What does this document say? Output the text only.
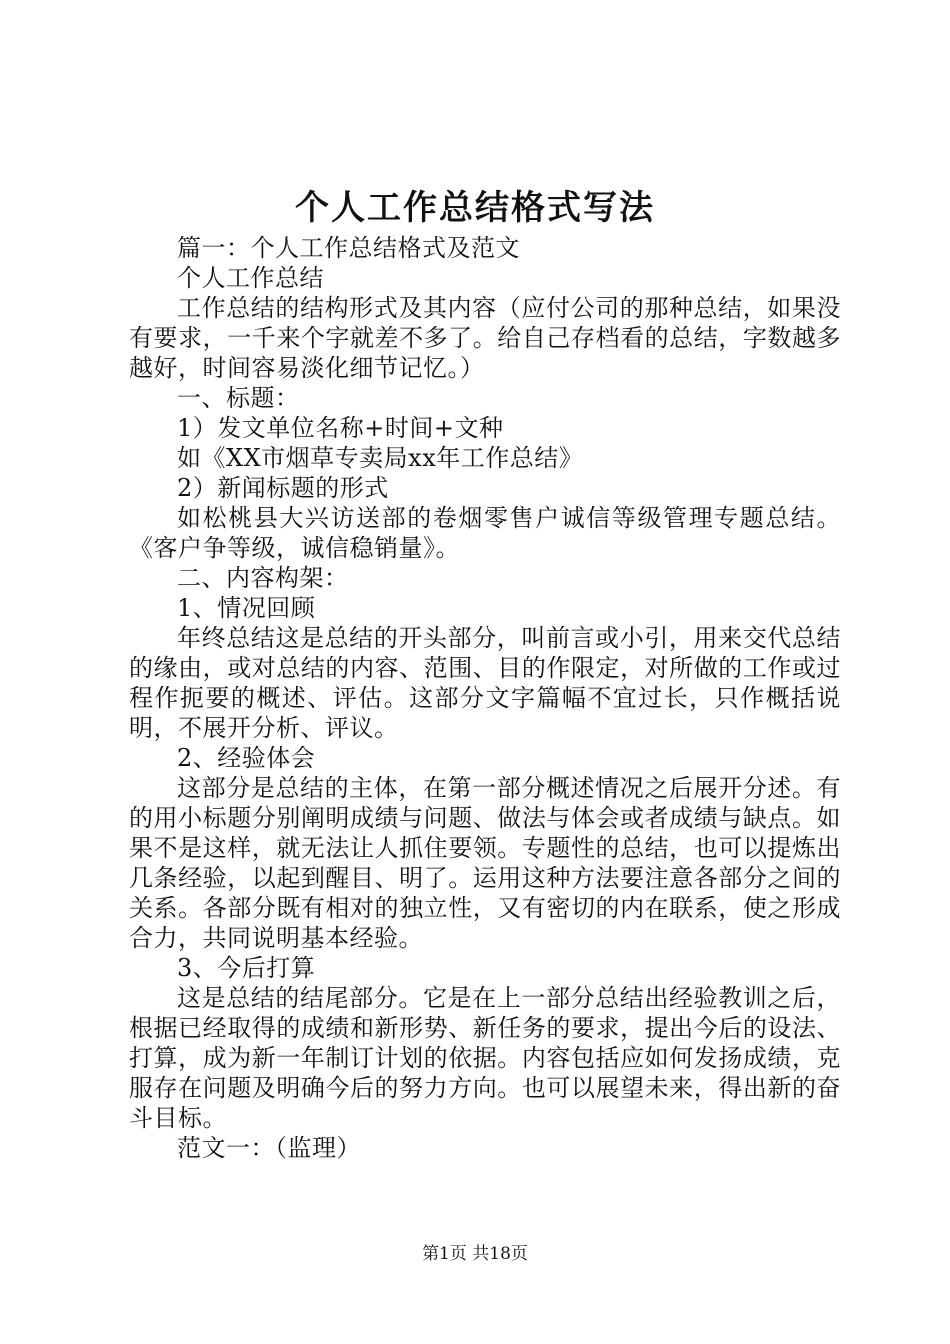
个人工作总结格式写法

篇一：个人工作总结格式及范文

个人工作总结

工作总结的结构形式及其内容（应付公司的那种总结，如果没有要求，一千来个字就差不多了。给自己存档看的总结，字数越多越好，时间容易淡化细节记忆。）

一、标题：

1）发文单位名称+时间+文种

如《XX市烟草专卖局xx年工作总结》

2）新闻标题的形式

如松桃县大兴访送部的卷烟零售户诚信等级管理专题总结。《客户争等级，诚信稳销量》。

二、内容构架：

1、情况回顾

年终总结这是总结的开头部分，叫前言或小引，用来交代总结的缘由，或对总结的内容、范围、目的作限定，对所做的工作或过程作扼要的概述、评估。这部分文字篇幅不宜过长，只作概括说明，不展开分析、评议。

2、经验体会

这部分是总结的主体，在第一部分概述情况之后展开分述。有的用小标题分别阐明成绩与问题、做法与体会或者成绩与缺点。如果不是这样，就无法让人抓住要领。专题性的总结，也可以提炼出几条经验，以起到醒目、明了。运用这种方法要注意各部分之间的关系。各部分既有相对的独立性，又有密切的内在联系，使之形成合力，共同说明基本经验。

3、今后打算

这是总结的结尾部分。它是在上一部分总结出经验教训之后，根据已经取得的成绩和新形势、新任务的要求，提出今后的设法、打算，成为新一年制订计划的依据。内容包括应如何发扬成绩，克服存在问题及明确今后的努力方向。也可以展望未来，得出新的奋斗目标。

范文一：（监理）

第1页 共18页
